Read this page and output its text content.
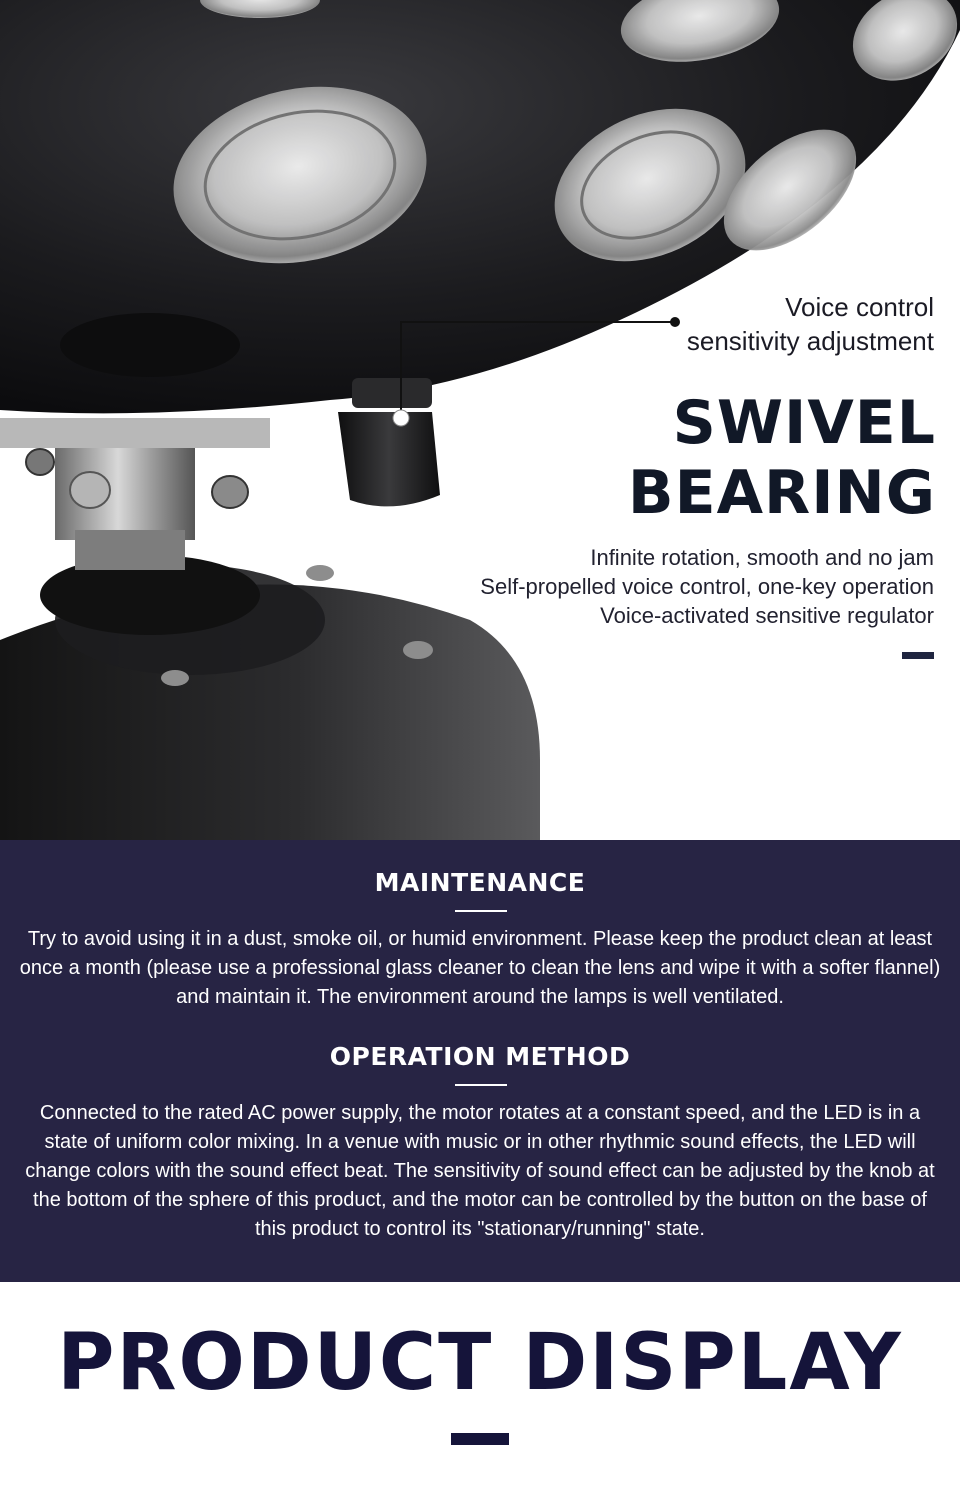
Voice control
sensitivity adjustment
SWIVEL
BEARING
Infinite rotation, smooth and no jam
Self-propelled voice control, one-key operation
Voice-activated sensitive regulator
MAINTENANCE

Try to avoid using it in a dust, smoke oil, or humid environment. Please keep the product clean at least once a month (please use a professional glass cleaner to clean the lens and wipe it with a softer flannel) and maintain it. The environment around the lamps is well ventilated.

OPERATION METHOD

Connected to the rated AC power supply, the motor rotates at a constant speed, and the LED is in a state of uniform color mixing. In a venue with music or in other rhythmic sound effects, the LED will change colors with the sound effect beat. The sensitivity of sound effect can be adjusted by the knob at the bottom of the sphere of this product, and the motor can be controlled by the button on the base of this product to control its "stationary/running" state.

PRODUCT DISPLAY
